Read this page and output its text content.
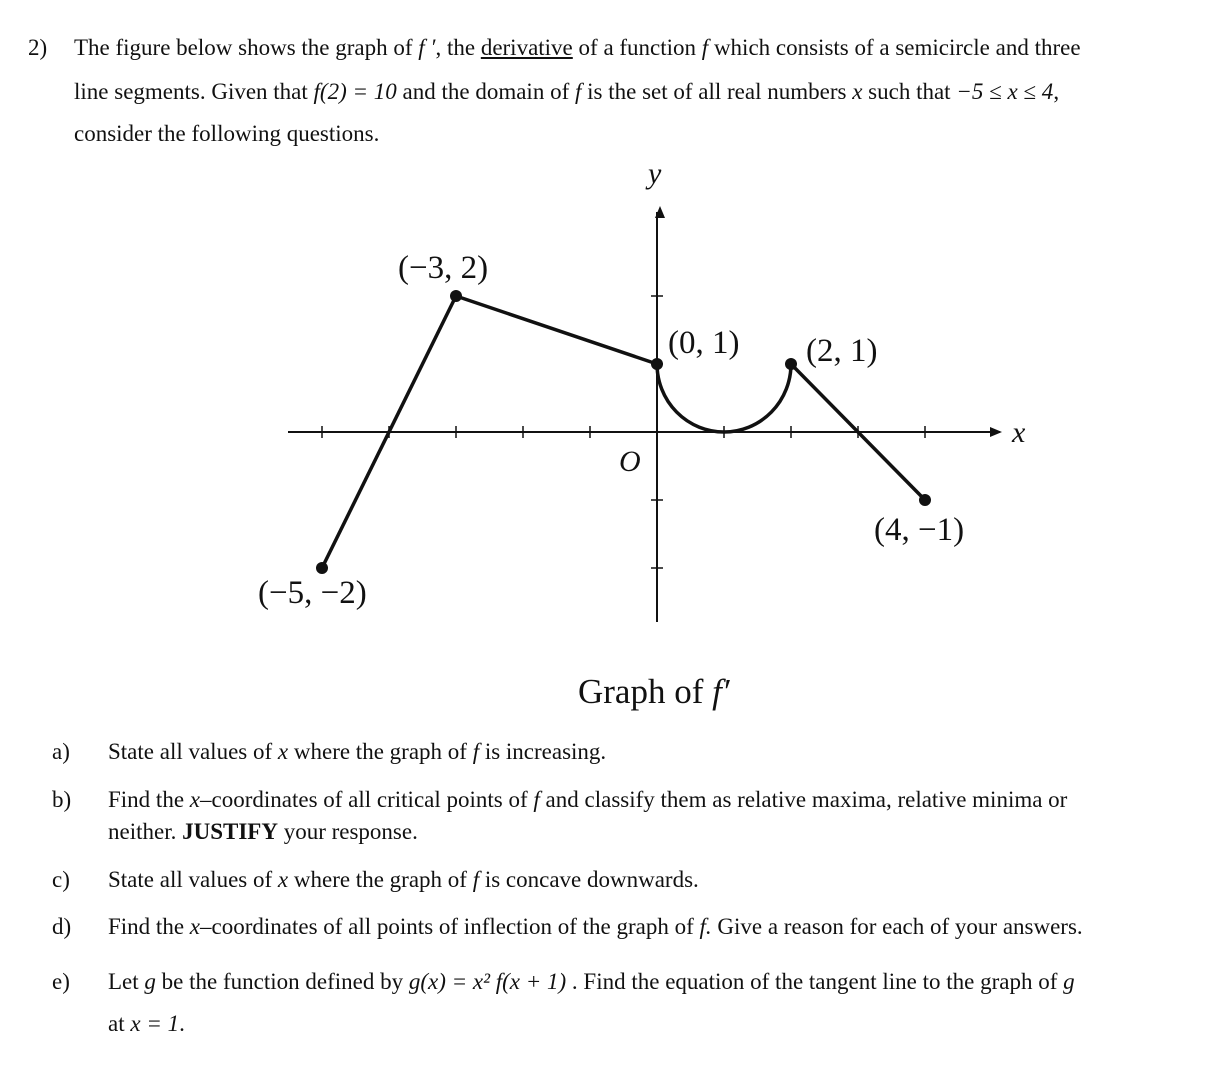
2) The figure below shows the graph of f ′, the derivative of a function f which consists of a semicircle and three
line segments. Given that f(2) = 10 and the domain of f is the set of all real numbers x such that −5 ≤ x ≤ 4,
consider the following questions.
y
x
O
(−3, 2)
(0, 1) (2, 1)
(4, −1)
(−5, −2)
Graph of f′
a) State all values of x where the graph of f is increasing.
b) Find the x–coordinates of all critical points of f and classify them as relative maxima, relative minima or
neither. JUSTIFY your response.
c) State all values of x where the graph of f is concave downwards.
d) Find the x–coordinates of all points of inflection of the graph of f. Give a reason for each of your answers.
e) Let g be the function defined by g(x) = x² f(x + 1) . Find the equation of the tangent line to the graph of g
at x = 1.
